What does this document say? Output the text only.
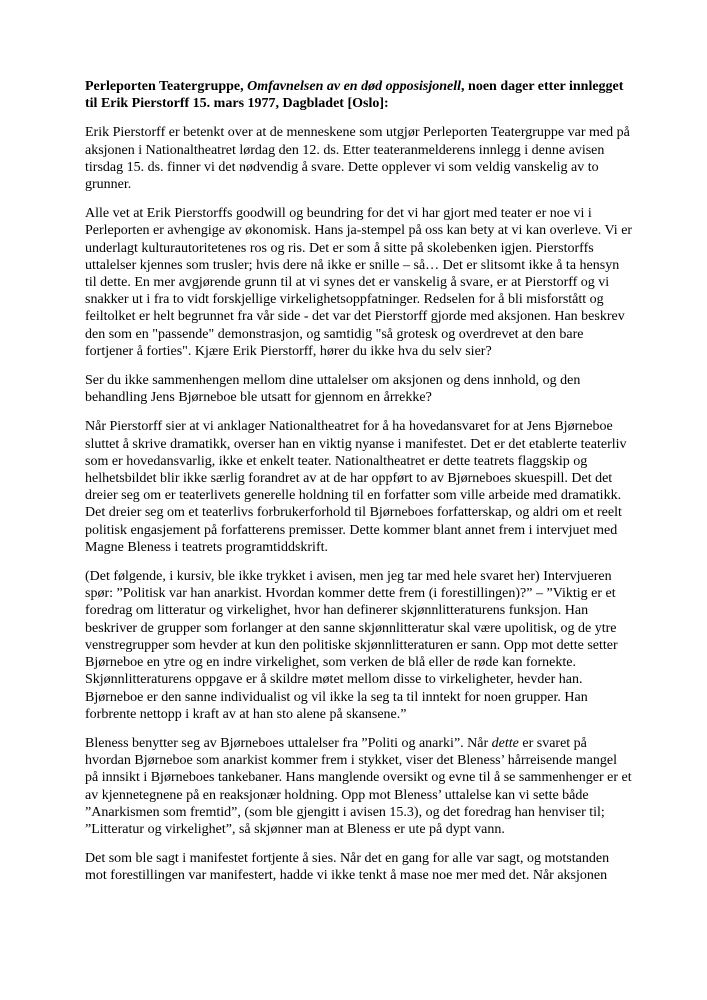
Perleporten Teatergruppe, Omfavnelsen av en død opposisjonell, noen dager etter innlegget til Erik Pierstorff 15. mars 1977, Dagbladet [Oslo]:

Erik Pierstorff er betenkt over at de menneskene som utgjør Perleporten Teatergruppe var med på aksjonen i Nationaltheatret lørdag den 12. ds. Etter teateranmelderens innlegg i denne avisen tirsdag 15. ds. finner vi det nødvendig å svare. Dette opplever vi som veldig vanskelig av to grunner.

Alle vet at Erik Pierstorffs goodwill og beundring for det vi har gjort med teater er noe vi i Perleporten er avhengige av økonomisk. Hans ja-stempel på oss kan bety at vi kan overleve. Vi er underlagt kulturautoritetenes ros og ris. Det er som å sitte på skolebenken igjen. Pierstorffs uttalelser kjennes som trusler; hvis dere nå ikke er snille – så… Det er slitsomt ikke å ta hensyn til dette. En mer avgjørende grunn til at vi synes det er vanskelig å svare, er at Pierstorff og vi snakker ut i fra to vidt forskjellige virkelighetsoppfatninger. Redselen for å bli misforstått og feiltolket er helt begrunnet fra vår side - det var det Pierstorff gjorde med aksjonen. Han beskrev den som en "passende" demonstrasjon, og samtidig "så grotesk og overdrevet at den bare fortjener å forties". Kjære Erik Pierstorff, hører du ikke hva du selv sier?

Ser du ikke sammenhengen mellom dine uttalelser om aksjonen og dens innhold, og den behandling Jens Bjørneboe ble utsatt for gjennom en årrekke?

Når Pierstorff sier at vi anklager Nationaltheatret for å ha hovedansvaret for at Jens Bjørneboe sluttet å skrive dramatikk, overser han en viktig nyanse i manifestet. Det er det etablerte teaterliv som er hovedansvarlig, ikke et enkelt teater. Nationaltheatret er dette teatrets flaggskip og helhetsbildet blir ikke særlig forandret av at de har oppført to av Bjørneboes skuespill. Det det dreier seg om er teaterlivets generelle holdning til en forfatter som ville arbeide med dramatikk. Det dreier seg om et teaterlivs forbrukerforhold til Bjørneboes forfatterskap, og aldri om et reelt politisk engasjement på forfatterens premisser. Dette kommer blant annet frem i intervjuet med Magne Bleness i teatrets programtiddskrift.

(Det følgende, i kursiv, ble ikke trykket i avisen, men jeg tar med hele svaret her) Intervjueren spør: ”Politisk var han anarkist. Hvordan kommer dette frem (i forestillingen)?” – ”Viktig er et foredrag om litteratur og virkelighet, hvor han definerer skjønnlitteraturens funksjon. Han beskriver de grupper som forlanger at den sanne skjønnlitteratur skal være upolitisk, og de ytre venstregrupper som hevder at kun den politiske skjønnlitteraturen er sann. Opp mot dette setter Bjørneboe en ytre og en indre virkelighet, som verken de blå eller de røde kan fornekte. Skjønnlitteraturens oppgave er å skildre møtet mellom disse to virkeligheter, hevder han. Bjørneboe er den sanne individualist og vil ikke la seg ta til inntekt for noen grupper. Han forbrente nettopp i kraft av at han sto alene på skansene.”

Bleness benytter seg av Bjørneboes uttalelser fra ”Politi og anarki”. Når dette er svaret på hvordan Bjørneboe som anarkist kommer frem i stykket, viser det Bleness’ hårreisende mangel på innsikt i Bjørneboes tankebaner. Hans manglende oversikt og evne til å se sammenhenger er et av kjennetegnene på en reaksjonær holdning. Opp mot Bleness’ uttalelse kan vi sette både ”Anarkismen som fremtid”, (som ble gjengitt i avisen 15.3), og det foredrag han henviser til; ”Litteratur og virkelighet”, så skjønner man at Bleness er ute på dypt vann.

Det som ble sagt i manifestet fortjente å sies. Når det en gang for alle var sagt, og motstanden mot forestillingen var manifestert, hadde vi ikke tenkt å mase noe mer med det. Når aksjonen
